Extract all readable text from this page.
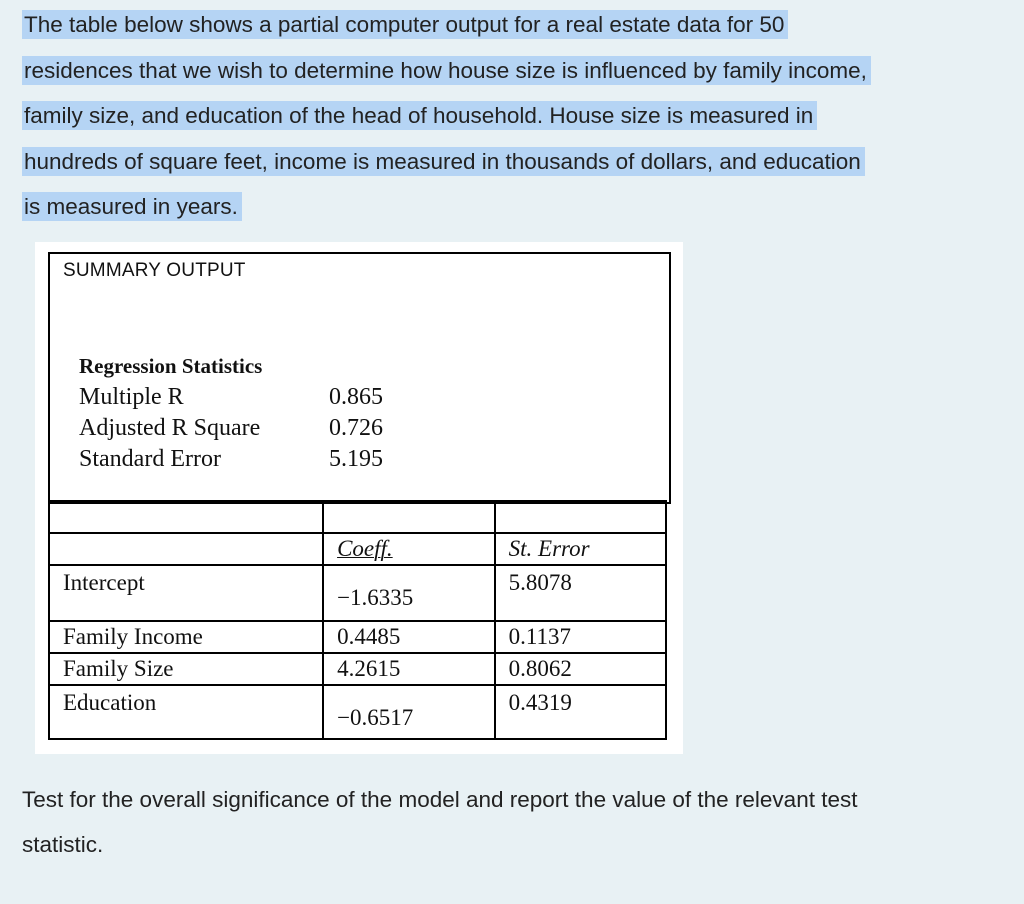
The table below shows a partial computer output for a real estate data for 50
residences that we wish to determine how house size is influenced by family income,
family size, and education of the head of household. House size is measured in
hundreds of square feet, income is measured in thousands of dollars, and education
is measured in years.
SUMMARY OUTPUT
Regression Statistics
Multiple R	0.865
Adjusted R Square	0.726
Standard Error	5.195

	Coeff.	St. Error
Intercept	−1.6335	5.8078
Family Income	0.4485	0.1137
Family Size	4.2615	0.8062
Education	−0.6517	0.4319
Test for the overall significance of the model and report the value of the relevant test
statistic.
